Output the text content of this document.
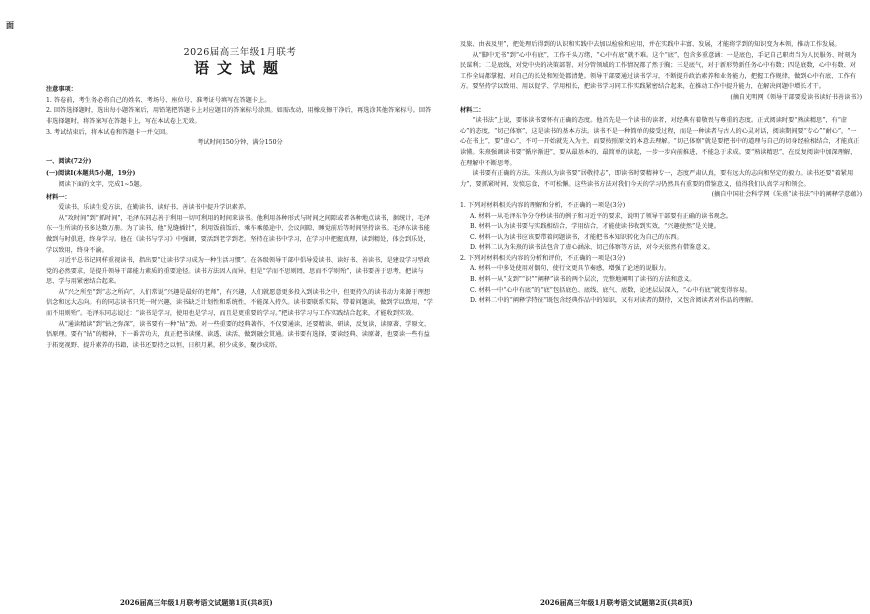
面
2026届高三年级1月联考
语文试题

注意事项：

1. 答卷前，考生务必将自己的姓名、考场号、座位号、准考证号填写在答题卡上。

2. 回答选择题时，选出每小题答案后，用铅笔把答题卡上对应题目的答案标号涂黑。如需改动，用橡皮擦干净后，再选涂其他答案标号。回答非选择题时，将答案写在答题卡上，写在本试卷上无效。

3. 考试结束后，将本试卷和答题卡一并交回。

考试时间150分钟，满分150分

一、阅读(72分)

(一)阅读Ⅰ(本题共5小题，19分)

阅读下面的文字，完成1~5题。

材料一：

爱读书，乐读生爱方法，在勤读书、读好书、善读书中提升学识素养。

从“攻时间”到“抓时间”，毛泽东同志善于利用一切可利用的时间来读书。他利用各种形式与时间之间隙或者各种地点读书，据统计，毛泽东一生所读的书多达数万册。为了读书，他“见缝插针”，利用饭前饭后、乘车乘船途中、会议间隙、睡觉前后等时间坚持读书。毛泽东读书能做到与时俱进，终身学习。他在《读书与学习》中强调，要活到老学到老。坚持在读书中学习，在学习中把握真理，读到精处，体会到乐处，学以致用，终身不渝。

习近平总书记同样重视读书，指出要“让读书学习成为一种生活习惯”。在各级领导干部中倡导爱读书、读好书、善读书，是建设学习型政党的必然要求，是提升领导干部能力素质的重要途径。读书方法因人而异，但是“学而不思则罔，思而不学则殆”，读书要善于思考，把读与思、学与用紧密结合起来。

从“兴之所至”到“志之所向”，人们常说“兴趣是最好的老师”，有兴趣，人们就愿意更多投入到读书之中，但更持久的读书动力来源于理想信念和远大志向。有的同志读书只凭一时兴趣，读书缺乏计划性和系统性，不能深入持久。读书要联系实际，带着问题读，做到学以致用，“学而不用则殆”。毛泽东同志说过：“读书是学习，使用也是学习，而且是更重要的学习。”把读书学习与工作实践结合起来，才能收到实效。

从“通读精读”到“钻之弥深”，读书要有一种“钻”劲。对一些重要的经典著作，不仅要通读，还要精读、研读，反复读，读原著、学原文、悟原理。要有“钻”的精神，下一番苦功夫，真正把书读懂、读透、读活，做到融会贯通。读书要有选择，要读经典、读原著，也要读一些有益于拓宽视野、提升素养的书籍，读书还要持之以恒，日积月累，积少成多，聚沙成塔。

及旅、由表及里”，把处理后得到的认识和实践中去加以检验和应用，并在实践中丰富、发展，才能将学到的知识变为本领，推动工作发展。

从“脚中无书”到“心中有底”，工作千头万绪，“心中有底”就不难。这个“底”，包含多重意涵：一是底色，手记自己职责当为人民服务、时刻为民谋利；二是底线，对党中央的决策部署、对分管领域的工作情况都了然于胸；三是底气，对于新形势新任务心中有数；四是底数，心中有数、对工作全局都掌握、对自己的长处和短处都清楚。领导干部要通过读书学习，不断提升政治素养和业务能力，把握工作规律，做到心中有底、工作有方。要坚持学以致用、用以促学、学用相长，把读书学习同工作实践紧密结合起来，在推动工作中提升能力，在解决问题中增长才干。

(摘自光明网《领导干部要爱读书读好书善读书》)

材料二：

“读书法”上说，要体读书要怀有正确的态度。他首先是一个读书的读者，对经典有着敬畏与尊重的态度。正式阅读时要“熟读精思”，有“虚心”的态度，“切己体察”，这是读书的基本方法。读书不是一种简单的接受过程，而是一种读者与古人的心灵对话，阅读期间要“专心”“耐心”，“一心在书上”，要“虚心”，不可一开始就先入为主，而要按照原文的本意去理解。“切己体察”就是要把书中的道理与自己的切身经验相结合，才能真正读懂。朱熹强调读书要“循序渐进”，要从最基本的、最简单的读起，一步一步向前推进，不能急于求成。要“熟读精思”，在反复阅读中加深理解，在理解中不断思考。

读书要有正确的方法。朱熹认为读书要“居敬持志”，即读书时要精神专一，态度严肃认真，要有远大的志向和坚定的毅力。读书还要“着紧用力”，要抓紧时间，发愤忘食，不可松懈。这些读书方法对我们今天的学习仍然具有重要的借鉴意义，值得我们认真学习和领会。

(摘自中国社会科学网《朱熹“读书法”中的阐释学意蕴》)

1. 下列对材料相关内容的理解和分析，不正确的一项是(3分)

A. 材料一从毛泽东争分夺秒读书的例子和习近平的要求，说明了领导干部要有正确的读书观念。

B. 材料一认为读书要与实践相结合，学用结合，才能使读书收到实效，“兴趣使然”是关键。

C. 材料一认为读书应该要带着问题读书，才能把书本知识转化为自己的东西。

D. 材料二认为朱熹的读书法包含了虚心涵泳、切己体察等方法，对今天依然有借鉴意义。

2. 下列对材料相关内容的分析和评价，不正确的一项是(3分)

A. 材料一中多处使用对偶句，使行文更具节奏感，增强了论述的说服力。

B. 材料一从“支到”“识”“阐释”读书的两个层次，完整地阐明了读书的方法和意义。

C. 材料一中“心中有底”的“底”包括底色、底线、底气、底数，论述层层深入，“心中有底”就变得容易。

D. 材料二中的“阐释学特征”既包含经典作品中的知识，又有对读者的期待，又包含阅读者对作品的理解。

2026届高三年级1月联考语文试题第1页(共8页)	2026届高三年级1月联考语文试题第2页(共8页)
